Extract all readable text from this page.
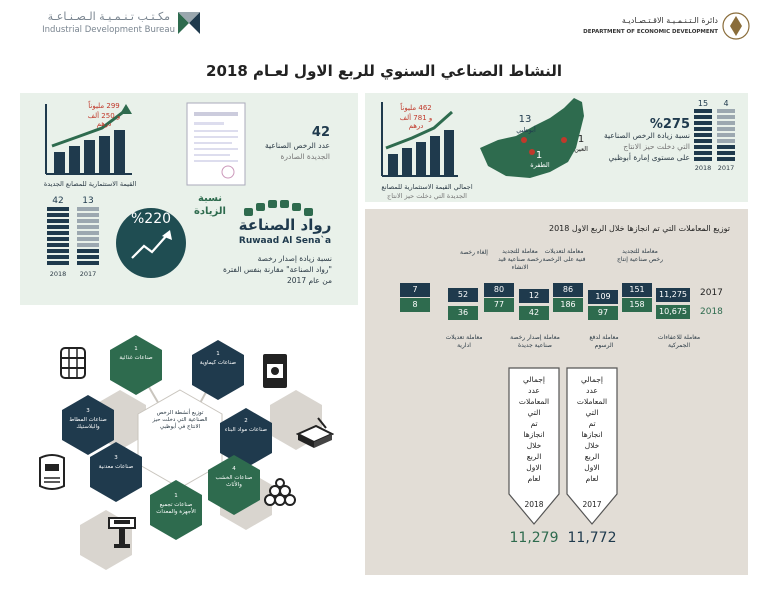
مكـتـب تـنـمـيـة الـصـنـاعـة
Industrial Development Bureau
دائرة الـتـنـمـيـة الاقـتـصـاديـة
DEPARTMENT OF ECONOMIC DEVELOPMENT
النشاط الصناعي السنوي للربع الاول لعـام 2018
299 مليوناً
و 250 ألف درهم
القيمة الاستثمارية للمصانع الجديدة
42
عدد الرخص الصناعية
الجديدة الصادرة
42	13
2018	2017
%220
نسبة
الزيادة
رواد الصناعة
Ruwaad Al Sena`a
نسبة زيادة إصدار رخصة
"رواد الصناعة" مقارنة بنفس الفترة
من عام 2017
462 مليوناً
و 781 ألف درهم
اجمالي القيمة الاستثمارية للمصانع
الجديدة التي دخلت حيز الانتاج
13
أبوظبي
1
العين
1
الظفرة
%275
نسبة زيادة الرخص الصناعية
التي دخلت حيز الانتاج
على مستوى إمارة أبوظبي
15	4
2018 2017
توزيع المعاملات التي تم انجازها خلال الربع الاول 2018
إلغاء رخصة	معاملة للتجديد رخصة صناعية قيد الانشاء
معاملة لتعديلات فنية على الرخصة
معاملة للتجديد رخص صناعية إنتاج
7
52
80
12
86
109
151
11,275	2017
8
36
77
42
186
97
158
10,675	2018
معاملة تعديلات ادارية
معاملة إصدار رخصة صناعية جديدة
معاملة لدفع الرسوم
معاملة للاعفاءات الجمركية
إجمالي عدد المعاملات التي تم انجازها خلال الربع الاول لعام
2018
11,279
إجمالي عدد المعاملات التي تم انجازها خلال الربع الاول لعام
2017
11,772
1
صناعات غذائية
1
صناعات كيماوية
2
صناعات مواد البناء
4
صناعات الخشب والأثاث
1
صناعات تجميع الأجهزة والمعدات
3
صناعات معدنية
3
صناعات المطاط والبلاستيك
توزيع أنشطة الرخص الصناعية التي دخلت حيز الانتاج في أبوظبي
